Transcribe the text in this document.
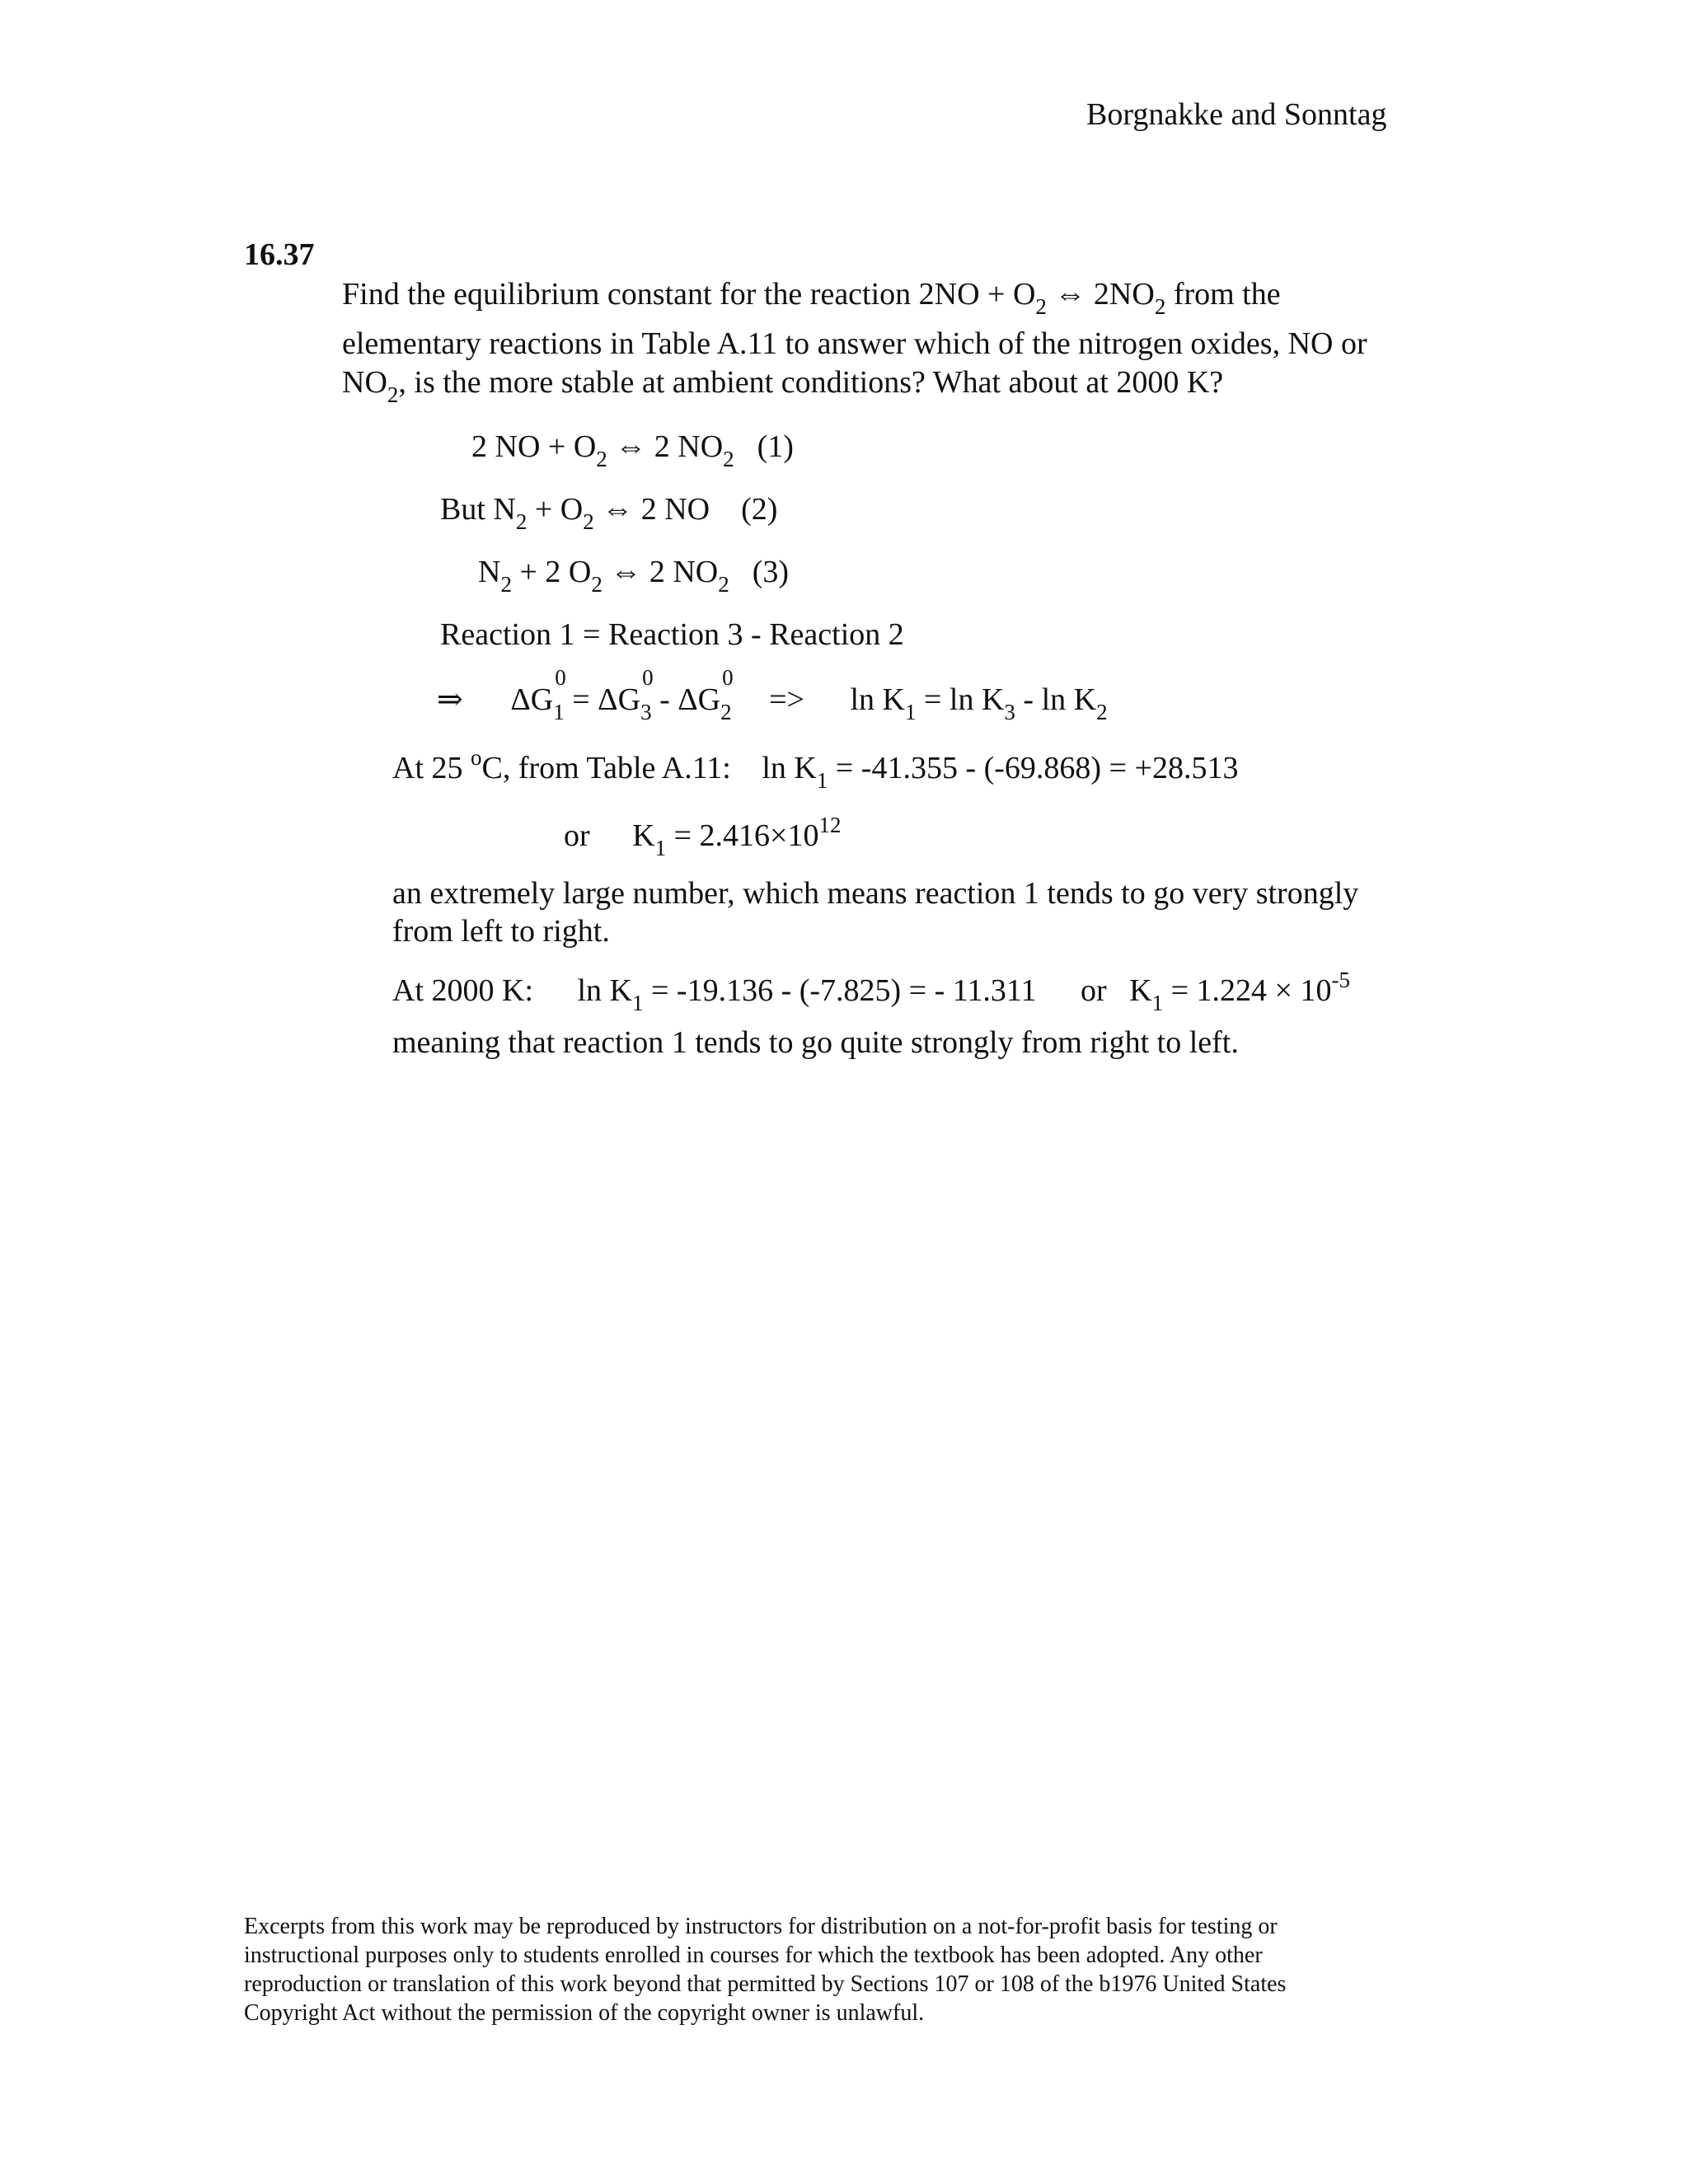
Borgnakke and Sonntag
16.37
Find the equilibrium constant for the reaction $2NO + O_2$ ⇔ $2NO_2$ from the
elementary reactions in Table A.11 to answer which of the nitrogen oxides, NO or
$NO_2$, is the more stable at ambient conditions? What about at 2000 K?
2 NO + $O_2$ ⇔ 2 $NO_2$ (1)
But $N_2 + O_2$ ⇔ 2 NO (2)
$N_2 + 2$ $O_2$ ⇔ 2 $NO_2$ (3)
Reaction 1 = Reaction 3 - Reaction 2
⇒ $\Delta G_1$
0
= $\Delta G_3$
0
- $\Delta G_2$
0
=> $\ln K_1 = \ln K_3 - \ln K_2$
At 25 $^o$C, from Table A.11: $\ln K_1 = -41.355 - (-69.868) = +28.513$
or $K_1 = 2.416\times 10^{12}$
an extremely large number, which means reaction 1 tends to go very strongly
from left to right.
At 2000 K: $\ln K_1 = -19.136 - (-7.825)$ = - 11.311 or $K_1 = 1.224 \times 10^{-5}$
meaning that reaction 1 tends to go quite strongly from right to left.
Excerpts from this work may be reproduced by instructors for distribution on a not-for-profit basis for testing or
instructional purposes only to students enrolled in courses for which the textbook has been adopted. Any other
reproduction or translation of this work beyond that permitted by Sections 107 or 108 of the b1976 United States
Copyright Act without the permission of the copyright owner is unlawful.
